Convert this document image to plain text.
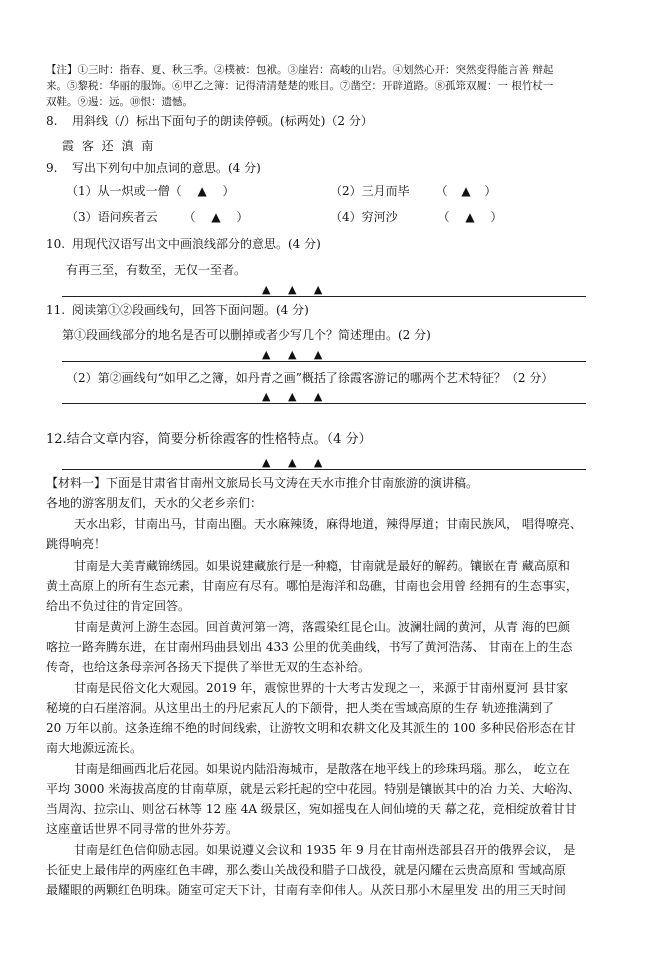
【注】①三时：指春、夏、秋三季。②樸被：包袱。③崖岩：高峻的山岩。④划然心开：突然变得能言善 辩起
来。⑤黎税：华丽的服饰。⑥甲乙之簿：记得清清楚楚的账目。⑦凿空：开辟道路。⑧孤筇双履：一 根竹杖一
双鞋。⑨逷：远。⑩恨：遗憾。
8. 用斜线（/）标出下面句子的朗读停顿。(标两处)（2 分）
霞 客 还 滇 南
9. 写出下列句中加点词的意思。(4 分)
（1）从一炽或一僧（ ▲ ）	（2）三月而毕 （ ▲ ）
（3）语问疾者云 （ ▲ ）	（4）穷河沙	（ ▲ ）
10. 用现代汉语写出文中画浪线部分的意思。(4 分)
有再三至，有数至，无仅一至者。
▲ ▲ ▲
11. 阅读第①②段画线句，回答下面问题。(4 分)
第①段画线部分的地名是否可以删掉或者少写几个？简述理由。(2 分)
▲ ▲ ▲
（2）第②画线句“如甲乙之簿，如丹青之画”概括了徐霞客游记的哪两个艺术特征？（2 分）
▲ ▲ ▲
12.结合文章内容，简要分析徐霞客的性格特点。（4 分）
▲ ▲ ▲
【材料一】下面是甘肃省甘南州文旅局长马文涛在天水市推介甘南旅游的演讲稿。
各地的游客朋友们，天水的父老乡亲们：
天水出彩，甘南出马，甘南出圈。天水麻辣烫，麻得地道，辣得厚道；甘南民族风， 唱得嘹亮、
跳得响亮！
甘南是大美青藏锦绣园。如果说建藏旅行是一种瘾，甘南就是最好的解药。镶嵌在青 藏高原和
黄土高原上的所有生态元素，甘南应有尽有。哪怕是海洋和岛礁，甘南也会用曾 经拥有的生态事实，
给出不负过往的肯定回答。
甘南是黄河上游生态园。回首黄河第一湾，落霞染红昆仑山。波澜壮阔的黄河，从青 海的巴颜
喀拉一路奔腾东进，在甘南州玛曲县划出 433 公里的优美曲线，书写了黄河浩荡、 甘南在上的生态
传奇，也给这条母亲河各扬天下提供了举世无双的生态补给。
甘南是民俗文化大观园。2019 年，震惊世界的十大考古发现之一，来源于甘南州夏河 县甘家
秘境的白石崖溶洞。从这里出土的丹尼索瓦人的下颌骨，把人类在雪域高原的生存 轨迹推满到了
20 万年以前。这条连绵不绝的时间线索，让游牧文明和农耕文化及其派生的 100 多种民俗形态在甘
南大地源远流长。
甘南是细画西北后花园。如果说内陆沿海城市，是散落在地平线上的珍珠玛瑙。那么， 屹立在
平均 3000 米海拔高度的甘南草原，就是云彩托起的空中花园。特别是镶嵌其中的冶 力关、大峪沟、
当周沟、拉宗山、则岔石林等 12 座 4A 级景区，宛如摇曳在人间仙境的天 幕之花，竞相绽放着甘甘
这座童话世界不同寻常的世外芬芳。
甘南是红色信仰励志园。如果说遵义会议和 1935 年 9 月在甘南州迭部县召开的俄界会议， 是
长征史上最伟岸的两座红色丰碑，那么娄山关战役和腊子口战役，就是闪耀在云贵高原和 雪域高原
最耀眼的两颗红色明珠。随室可定天下计，甘南有幸仰伟人。从茨日那小木屋里发 出的用三天时间
